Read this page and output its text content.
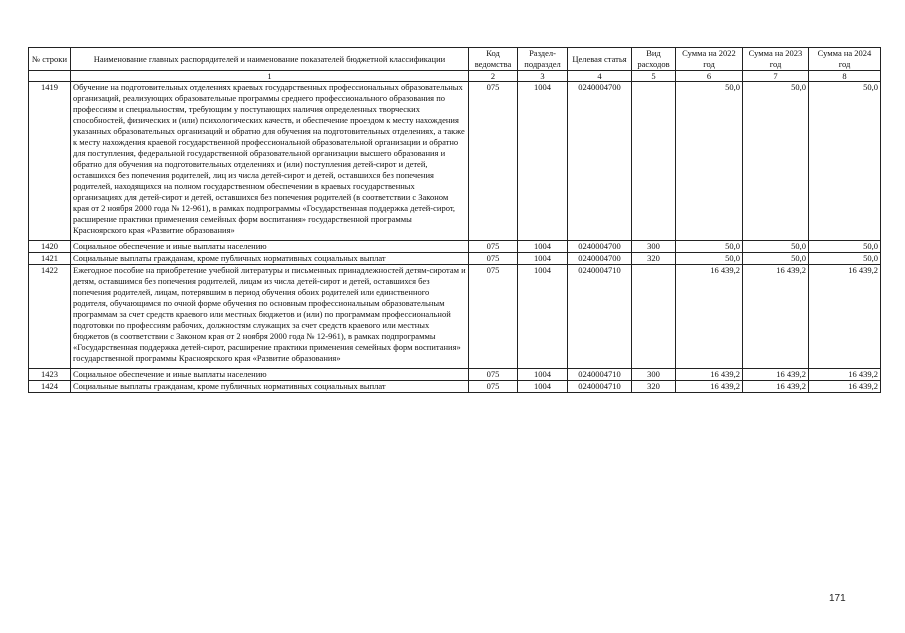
№ строки	Наименование главных распорядителей и наименование показателей бюджетной классификации	Код ведомства	Раздел-подраздел	Целевая статья	Вид расходов	Сумма на 2022 год	Сумма на 2023 год	Сумма на 2024 год
	1	2	3	4	5	6	7	8
1419	Обучение на подготовительных отделениях краевых государственных профессиональных образовательных организаций, реализующих образовательные программы среднего профессионального образования по профессиям и специальностям, требующим у поступающих наличия определенных творческих способностей, физических и (или) психологических качеств, и обеспечение проездом к месту нахождения указанных образовательных организаций и обратно для обучения на подготовительных отделениях, а также к месту нахождения краевой государственной профессиональной образовательной организации и обратно для поступления, федеральной государственной образовательной организации высшего образования и обратно для обучения на подготовительных отделениях и (или) поступления детей-сирот и детей, оставшихся без попечения родителей, лиц из числа детей-сирот и детей, оставшихся без попечения родителей, находящихся на полном государственном обеспечении в краевых государственных организациях для детей-сирот и детей, оставшихся без попечения родителей (в соответствии с Законом края от 2 ноября 2000 года № 12-961), в рамках подпрограммы «Государственная поддержка детей-сирот, расширение практики применения семейных форм воспитания» государственной программы Красноярского края «Развитие образования»	075	1004	0240004700		50,0	50,0	50,0
1420	Социальное обеспечение и иные выплаты населению	075	1004	0240004700	300	50,0	50,0	50,0
1421	Социальные выплаты гражданам, кроме публичных нормативных социальных выплат	075	1004	0240004700	320	50,0	50,0	50,0
1422	Ежегодное пособие на приобретение учебной литературы и письменных принадлежностей детям-сиротам и детям, оставшимся без попечения родителей, лицам из числа детей-сирот и детей, оставшихся без попечения родителей, лицам, потерявшим в период обучения обоих родителей или единственного родителя, обучающимся по очной форме обучения по основным профессиональным образовательным программам за счет средств краевого или местных бюджетов и (или) по программам профессиональной подготовки по профессиям рабочих, должностям служащих за счет средств краевого или местных бюджетов (в соответствии с Законом края от 2 ноября 2000 года № 12-961), в рамках подпрограммы «Государственная поддержка детей-сирот, расширение практики применения семейных форм воспитания» государственной программы Красноярского края «Развитие образования»	075	1004	0240004710		16 439,2	16 439,2	16 439,2
1423	Социальное обеспечение и иные выплаты населению	075	1004	0240004710	300	16 439,2	16 439,2	16 439,2
1424	Социальные выплаты гражданам, кроме публичных нормативных социальных выплат	075	1004	0240004710	320	16 439,2	16 439,2	16 439,2
171
